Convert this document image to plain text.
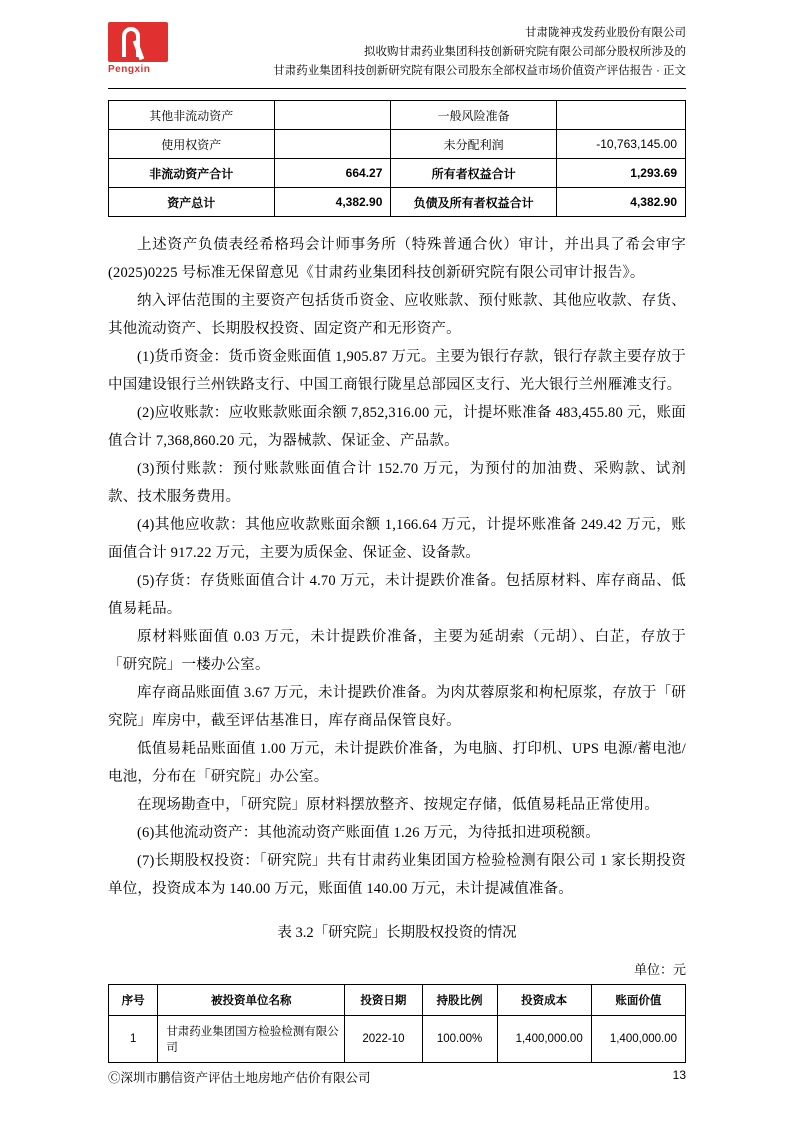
Pengxin
甘肃陇神戎发药业股份有限公司
拟收购甘肃药业集团科技创新研究院有限公司部分股权所涉及的
甘肃药业集团科技创新研究院有限公司股东全部权益市场价值资产评估报告 · 正文
其他非流动资产		一般风险准备	
使用权资产		未分配利润	-10,763,145.00
非流动资产合计	664.27	所有者权益合计	1,293.69
资产总计	4,382.90	负债及所有者权益合计	4,382.90

上述资产负债表经希格玛会计师事务所（特殊普通合伙）审计，并出具了希会审字(2025)0225 号标准无保留意见《甘肃药业集团科技创新研究院有限公司审计报告》。

纳入评估范围的主要资产包括货币资金、应收账款、预付账款、其他应收款、存货、其他流动资产、长期股权投资、固定资产和无形资产。

(1)货币资金：货币资金账面值 1,905.87 万元。主要为银行存款，银行存款主要存放于中国建设银行兰州铁路支行、中国工商银行陇星总部园区支行、光大银行兰州雁滩支行。

(2)应收账款：应收账款账面余额 7,852,316.00 元，计提坏账准备 483,455.80 元，账面值合计 7,368,860.20 元，为器械款、保证金、产品款。

(3)预付账款：预付账款账面值合计 152.70 万元，为预付的加油费、采购款、试剂款、技术服务费用。

(4)其他应收款：其他应收款账面余额 1,166.64 万元，计提坏账准备 249.42 万元，账面值合计 917.22 万元，主要为质保金、保证金、设备款。

(5)存货：存货账面值合计 4.70 万元，未计提跌价准备。包括原材料、库存商品、低值易耗品。

原材料账面值 0.03 万元，未计提跌价准备，主要为延胡索（元胡）、白芷，存放于「研究院」一楼办公室。

库存商品账面值 3.67 万元，未计提跌价准备。为肉苁蓉原浆和枸杞原浆，存放于「研究院」库房中，截至评估基准日，库存商品保管良好。

低值易耗品账面值 1.00 万元，未计提跌价准备，为电脑、打印机、UPS 电源/蓄电池/电池，分布在「研究院」办公室。

在现场勘查中，「研究院」原材料摆放整齐、按规定存储，低值易耗品正常使用。

(6)其他流动资产：其他流动资产账面值 1.26 万元，为待抵扣进项税额。

(7)长期股权投资：「研究院」共有甘肃药业集团国方检验检测有限公司 1 家长期投资单位，投资成本为 140.00 万元，账面值 140.00 万元，未计提减值准备。

表 3.2「研究院」长期股权投资的情况
单位：元
序号	被投资单位名称	投资日期	持股比例	投资成本	账面价值
1	甘肃药业集团国方检验检测有限公司	2022-10	100.00%	1,400,000.00	1,400,000.00
Ⓒ深圳市鹏信资产评估土地房地产估价有限公司	13
